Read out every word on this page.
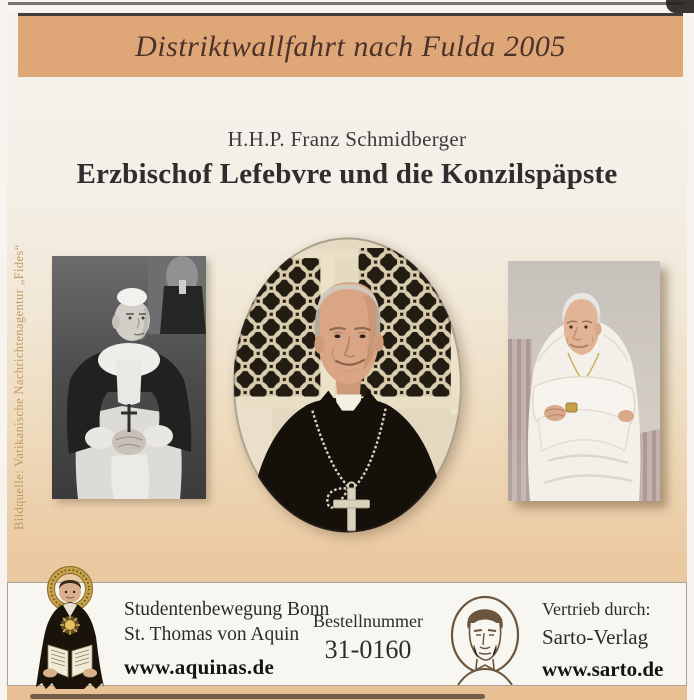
Distriktwallfahrt nach Fulda 2005
H.H.P. Franz Schmidberger
Erzbischof Lefebvre und die Konzilspäpste
Bildquelle: Vatikanische Nachrichtenagentur „Fides“
Studentenbewegung Bonn
St. Thomas von Aquin
www.aquinas.de
Bestellnummer
31-0160
Vertrieb durch:
Sarto-Verlag
www.sarto.de
